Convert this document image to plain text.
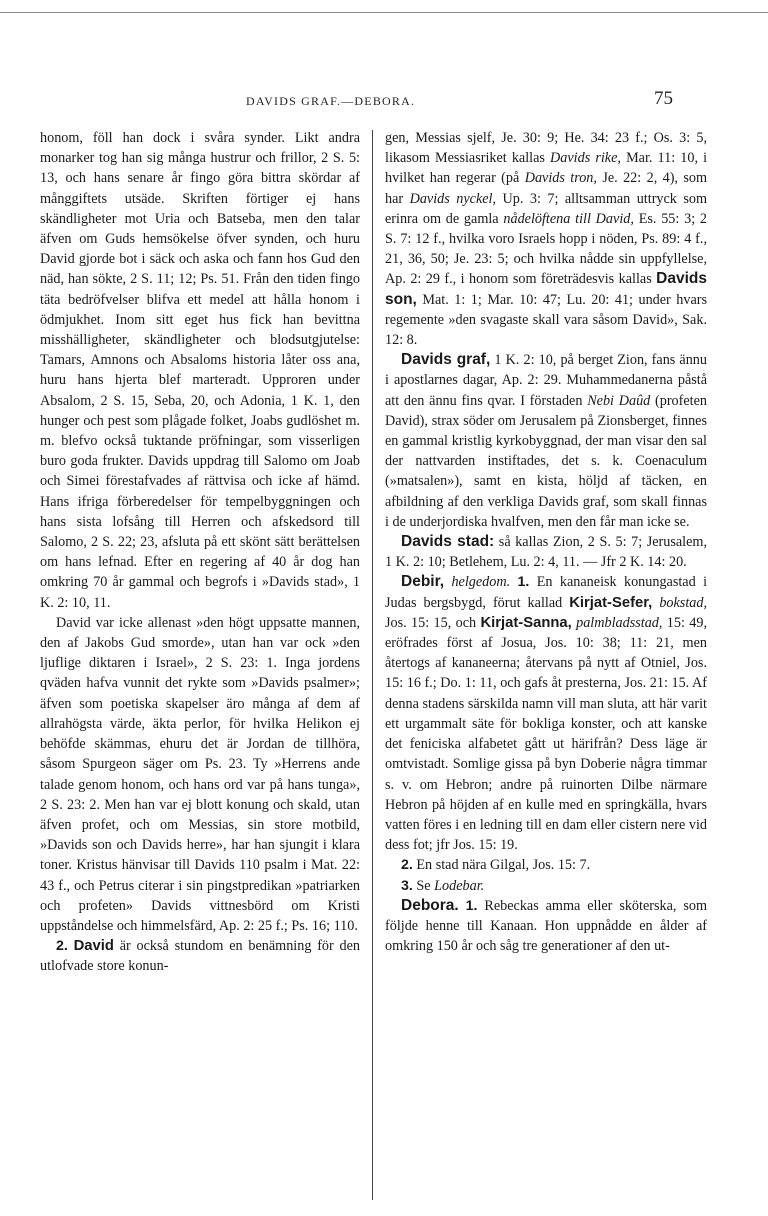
DAVIDS GRAF.—DEBORA.	75

honom, föll han dock i svåra synder. Likt andra monarker tog han sig många hustrur och frillor, 2 S. 5: 13, och hans senare år fingo göra bittra skördar af månggiftets utsäde. Skriften förtiger ej hans skändligheter mot Uria och Batseba, men den talar äfven om Guds hemsökelse öfver synden, och huru David gjorde bot i säck och aska och fann hos Gud den näd, han sökte, 2 S. 11; 12; Ps. 51. Från den tiden fingo täta bedröfvelser blifva ett medel att hålla honom i ödmjukhet. Inom sitt eget hus fick han bevittna misshälligheter, skändligheter och blodsutgjutelse: Tamars, Amnons och Absaloms historia låter oss ana, huru hans hjerta blef marteradt. Upproren under Absalom, 2 S. 15, Seba, 20, och Adonia, 1 K. 1, den hunger och pest som plågade folket, Joabs gudlöshet m. m. blefvo också tuktande pröfningar, som visserligen buro goda frukter. Davids uppdrag till Salomo om Joab och Simei förestafvades af rättvisa och icke af hämd. Hans ifriga förberedelser för tempelbyggningen och hans sista lofsång till Herren och afskedsord till Salomo, 2 S. 22; 23, afsluta på ett skönt sätt berättelsen om hans lefnad. Efter en regering af 40 år dog han omkring 70 år gammal och begrofs i »Davids stad», 1 K. 2: 10, 11.

David var icke allenast »den högt uppsatte mannen, den af Jakobs Gud smorde», utan han var ock »den ljuflige diktaren i Israel», 2 S. 23: 1. Inga jordens qväden hafva vunnit det rykte som »Davids psalmer»; äfven som poetiska skapelser äro många af dem af allrahögsta värde, äkta perlor, för hvilka Helikon ej behöfde skämmas, ehuru det är Jordan de tillhöra, såsom Spurgeon säger om Ps. 23. Ty »Herrens ande talade genom honom, och hans ord var på hans tunga», 2 S. 23: 2. Men han var ej blott konung och skald, utan äfven profet, och om Messias, sin store motbild, »Davids son och Davids herre», har han sjungit i klara toner. Kristus hänvisar till Davids 110 psalm i Mat. 22: 43 f., och Petrus citerar i sin pingstpredikan »patriarken och profeten» Davids vittnesbörd om Kristi uppståndelse och himmelsfärd, Ap. 2: 25 f.; Ps. 16; 110.

2. David är också stundom en benämning för den utlofvade store konun-

gen, Messias sjelf, Je. 30: 9; He. 34: 23 f.; Os. 3: 5, likasom Messiasriket kallas Davids rike, Mar. 11: 10, i hvilket han regerar (på Davids tron, Je. 22: 2, 4), som har Davids nyckel, Up. 3: 7; alltsamman uttryck som erinra om de gamla nådelöftena till David, Es. 55: 3; 2 S. 7: 12 f., hvilka voro Israels hopp i nöden, Ps. 89: 4 f., 21, 36, 50; Je. 23: 5; och hvilka nådde sin uppfyllelse, Ap. 2: 29 f., i honom som företrädesvis kallas Davids son, Mat. 1: 1; Mar. 10: 47; Lu. 20: 41; under hvars regemente »den svagaste skall vara såsom David», Sak. 12: 8.

Davids graf, 1 K. 2: 10, på berget Zion, fans ännu i apostlarnes dagar, Ap. 2: 29. Muhammedanerna påstå att den ännu fins qvar. I förstaden Nebi Daûd (profeten David), strax söder om Jerusalem på Zionsberget, finnes en gammal kristlig kyrkobyggnad, der man visar den sal der nattvarden instiftades, det s. k. Coenaculum (»matsalen»), samt en kista, höljd af täcken, en afbildning af den verkliga Davids graf, som skall finnas i de underjordiska hvalfven, men den får man icke se.

Davids stad: så kallas Zion, 2 S. 5: 7; Jerusalem, 1 K. 2: 10; Betlehem, Lu. 2: 4, 11. — Jfr 2 K. 14: 20.

Debir, helgedom. 1. En kananeisk konungastad i Judas bergsbygd, förut kallad Kirjat-Sefer, bokstad, Jos. 15: 15, och Kirjat-Sanna, palmbladsstad, 15: 49, eröfrades först af Josua, Jos. 10: 38; 11: 21, men återtogs af kananeerna; återvans på nytt af Otniel, Jos. 15: 16 f.; Do. 1: 11, och gafs åt presterna, Jos. 21: 15. Af denna stadens särskilda namn vill man sluta, att här varit ett urgammalt säte för bokliga konster, och att kanske det feniciska alfabetet gått ut härifrån? Dess läge är omtvistadt. Somlige gissa på byn Doberie några timmar s. v. om Hebron; andre på ruinorten Dilbe närmare Hebron på höjden af en kulle med en springkälla, hvars vatten föres i en ledning till en dam eller cistern nere vid dess fot; jfr Jos. 15: 19.

2. En stad nära Gilgal, Jos. 15: 7.

3. Se Lodebar.

Debora. 1. Rebeckas amma eller sköterska, som följde henne till Kanaan. Hon uppnådde en ålder af omkring 150 år och såg tre generationer af den ut-
